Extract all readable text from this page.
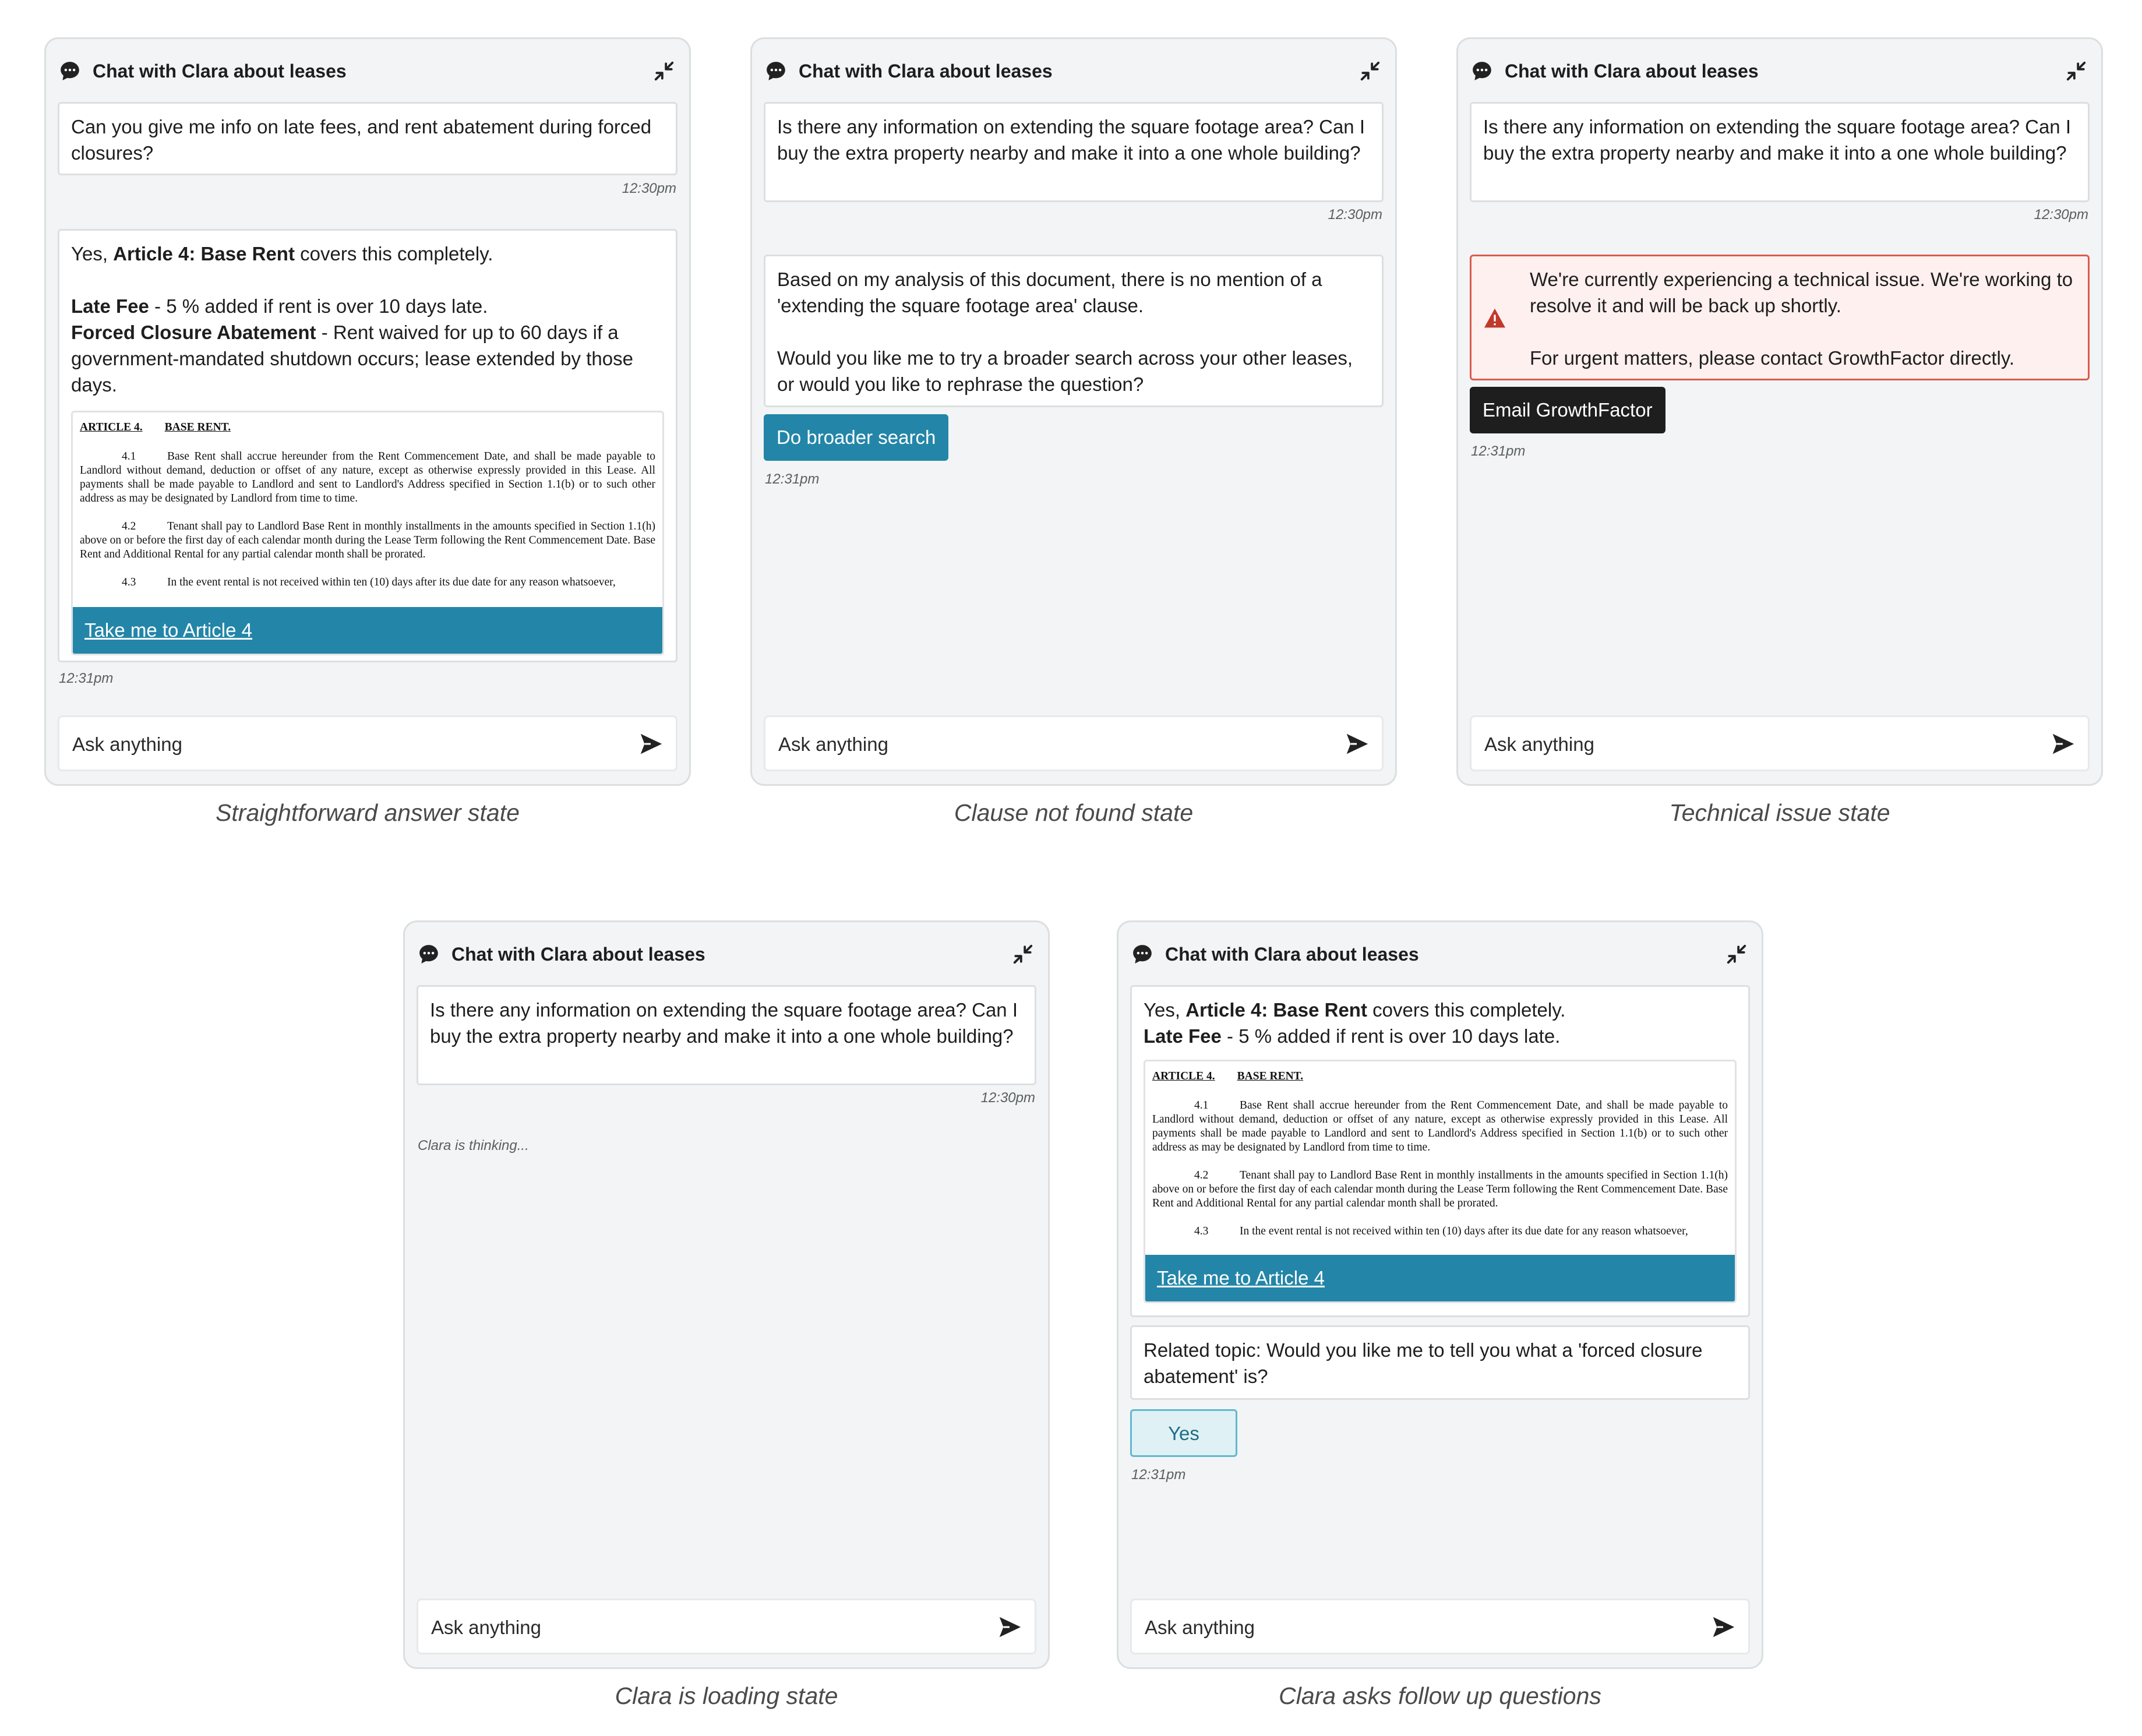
Chat with Clara about leases

Can you give me info on late fees, and rent abatement during forced closures?

12:30pm

Yes, Article 4: Base Rent covers this completely.

Late Fee - 5 % added if rent is over 10 days late.

Forced Closure Abatement - Rent waived for up to 60 days if a government-mandated shutdown occurs; lease extended by those days.

ARTICLE 4. BASE RENT.
4.1	Base Rent shall accrue hereunder from the Rent Commencement Date, and shall be made payable to Landlord without demand, deduction or offset of any nature, except as otherwise expressly provided in this Lease. All payments shall be made payable to Landlord and sent to Landlord's Address specified in Section 1.1(b) or to such other address as may be designated by Landlord from time to time.
4.2	Tenant shall pay to Landlord Base Rent in monthly installments in the amounts specified in Section 1.1(h) above on or before the first day of each calendar month during the Lease Term following the Rent Commencement Date. Base Rent and Additional Rental for any partial calendar month shall be prorated.
4.3	In the event rental is not received within ten (10) days after its due date for any reason whatsoever,
Take me to Article 4
12:31pm
Ask anything
Straightforward answer state
Chat with Clara about leases

Is there any information on extending the square footage area? Can I buy the extra property nearby and make it into a one whole building?

12:30pm

Based on my analysis of this document, there is no mention of a 'extending the square footage area' clause.

Would you like me to try a broader search across your other leases, or would you like to rephrase the question?

Do broader search
12:31pm
Ask anything
Clause not found state
Chat with Clara about leases

Is there any information on extending the square footage area? Can I buy the extra property nearby and make it into a one whole building?

12:30pm

We're currently experiencing a technical issue. We're working to resolve it and will be back up shortly.

For urgent matters, please contact GrowthFactor directly.

Email GrowthFactor
12:31pm
Ask anything
Technical issue state
Chat with Clara about leases

Is there any information on extending the square footage area? Can I buy the extra property nearby and make it into a one whole building?

12:30pm
Clara is thinking...
Ask anything
Clara is loading state
Chat with Clara about leases

Yes, Article 4: Base Rent covers this completely.

Late Fee - 5 % added if rent is over 10 days late.

ARTICLE 4. BASE RENT.
4.1	Base Rent shall accrue hereunder from the Rent Commencement Date, and shall be made payable to Landlord without demand, deduction or offset of any nature, except as otherwise expressly provided in this Lease. All payments shall be made payable to Landlord and sent to Landlord's Address specified in Section 1.1(b) or to such other address as may be designated by Landlord from time to time.
4.2	Tenant shall pay to Landlord Base Rent in monthly installments in the amounts specified in Section 1.1(h) above on or before the first day of each calendar month during the Lease Term following the Rent Commencement Date. Base Rent and Additional Rental for any partial calendar month shall be prorated.
4.3	In the event rental is not received within ten (10) days after its due date for any reason whatsoever,
Take me to Article 4

Related topic: Would you like me to tell you what a 'forced closure abatement' is?

Yes
12:31pm
Ask anything
Clara asks follow up questions
